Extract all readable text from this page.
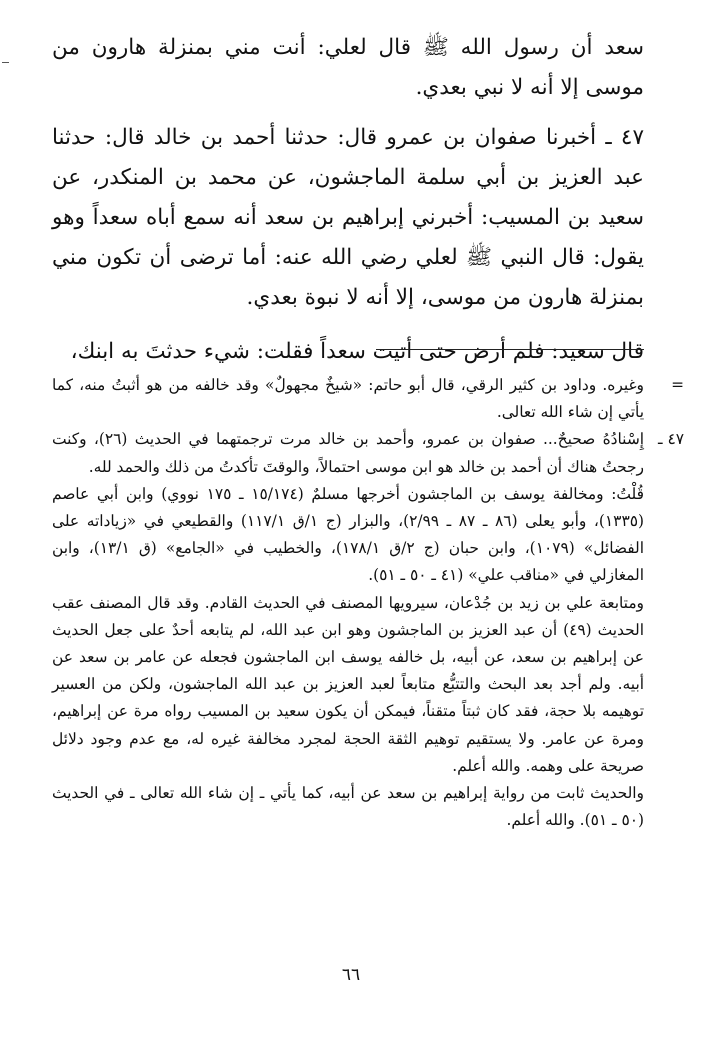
سعد أن رسول الله ﷺ قال لعلي: أنت مني بمنزلة هارون من موسى إلا أنه لا نبي بعدي.

٤٧ ـ أخبرنا صفوان بن عمرو قال: حدثنا أحمد بن خالد قال: حدثنا عبد العزيز بن أبي سلمة الماجشون، عن محمد بن المنكدر، عن سعيد بن المسيب: أخبرني إبراهيم بن سعد أنه سمع أباه سعداً وهو يقول: قال النبي ﷺ لعلي رضي الله عنه: أما ترضى أن تكون مني بمنزلة هارون من موسى، إلا أنه لا نبوة بعدي.

قال سعيد: فلم أرض حتى أتيت سعداً فقلت: شيء حدثتَ به ابنك،

=
وغيره. وداود بن كثير الرقي، قال أبو حاتم: «شيخٌ مجهولٌ» وقد خالفه من هو أثبتُ منه، كما يأتي إن شاء الله تعالى.

٤٧ ـ
إِسْنادُهُ صحيحٌ... صفوان بن عمرو، وأحمد بن خالد مرت ترجمتهما في الحديث (٢٦)، وكنت رجحتُ هناك أن أحمد بن خالد هو ابن موسى احتمالاً، والوقتَ تأكدتُ من ذلك والحمد لله.

قُلْتُ: ومخالفة يوسف بن الماجشون أخرجها مسلمٌ (١٥/١٧٤ ـ ١٧٥ نووي) وابن أبي عاصم (١٣٣٥)، وأبو يعلى (٨٦ ـ ٨٧ ـ ٢/٩٩)، والبزار (ج ١/ق ١١٧/١) والقطيعي في «زياداته على الفضائل» (١٠٧٩)، وابن حبان (ج ٢/ق ١٧٨/١)، والخطيب في «الجامع» (ق ١٣/١)، وابن المغازلي في «مناقب علي» (٤١ ـ ٥٠ ـ ٥١).

ومتابعة علي بن زيد بن جُدْعان، سيرويها المصنف في الحديث القادم. وقد قال المصنف عقب الحديث (٤٩) أن عبد العزيز بن الماجشون وهو ابن عبد الله، لم يتابعه أحدٌ على جعل الحديث عن إبراهيم بن سعد، عن أبيه، بل خالفه يوسف ابن الماجشون فجعله عن عامر بن سعد عن أبيه. ولم أجد بعد البحث والتتبُّع متابعاً لعبد العزيز بن عبد الله الماجشون، ولكن من العسير توهيمه بلا حجة، فقد كان ثبتاً متقناً، فيمكن أن يكون سعيد بن المسيب رواه مرة عن إبراهيم، ومرة عن عامر. ولا يستقيم توهيم الثقة الحجة لمجرد مخالفة غيره له، مع عدم وجود دلائل صريحة على وهمه. والله أعلم.

والحديث ثابت من رواية إبراهيم بن سعد عن أبيه، كما يأتي ـ إن شاء الله تعالى ـ في الحديث (٥٠ ـ ٥١). والله أعلم.

٦٦
